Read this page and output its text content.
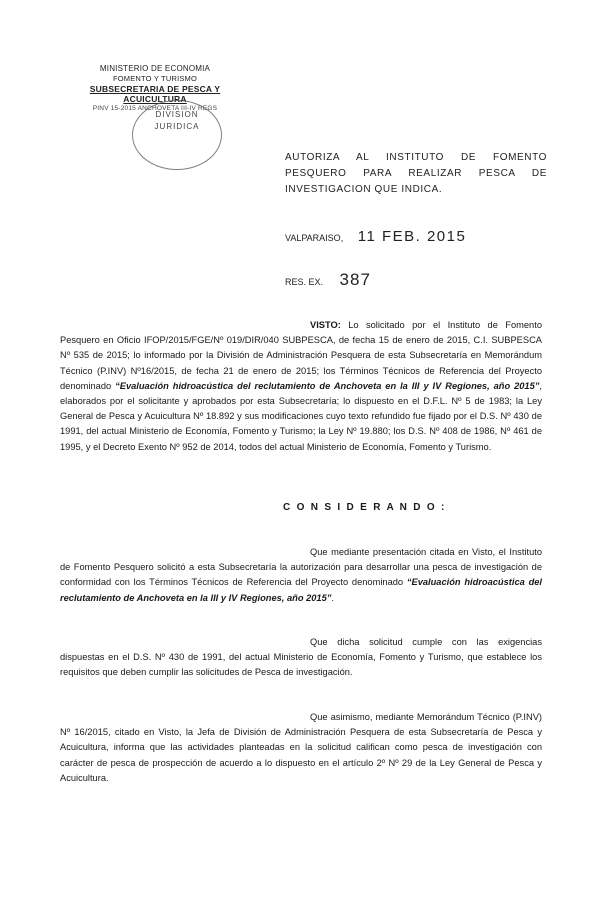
MINISTERIO DE ECONOMIA
FOMENTO Y TURISMO
SUBSECRETARIA DE PESCA Y ACUICULTURA
PINV 15-2015 ANCHOVETA III-IV REGS
DIVISION
JURIDICA
AUTORIZA AL INSTITUTO DE FOMENTO PESQUERO PARA REALIZAR PESCA DE INVESTIGACION QUE INDICA.
VALPARAISO, 11 FEB. 2015
RES. EX. 387

VISTO: Lo solicitado por el Instituto de Fomento Pesquero en Oficio IFOP/2015/FGE/Nº 019/DIR/040 SUBPESCA, de fecha 15 de enero de 2015, C.I. SUBPESCA Nº 535 de 2015; lo informado por la División de Administración Pesquera de esta Subsecretaría en Memorándum Técnico (P.INV) Nº16/2015, de fecha 21 de enero de 2015; los Términos Técnicos de Referencia del Proyecto denominado “Evaluación hidroacústica del reclutamiento de Anchoveta en la III y IV Regiones, año 2015”, elaborados por el solicitante y aprobados por esta Subsecretaría; lo dispuesto en el D.F.L. Nº 5 de 1983; la Ley General de Pesca y Acuicultura Nº 18.892 y sus modificaciones cuyo texto refundido fue fijado por el D.S. Nº 430 de 1991, del actual Ministerio de Economía, Fomento y Turismo; la Ley Nº 19.880; los D.S. Nº 408 de 1986, Nº 461 de 1995, y el Decreto Exento Nº 952 de 2014, todos del actual Ministerio de Economía, Fomento y Turismo.

C O N S I D E R A N D O :

Que mediante presentación citada en Visto, el Instituto de Fomento Pesquero solicitó a esta Subsecretaría la autorización para desarrollar una pesca de investigación de conformidad con los Términos Técnicos de Referencia del Proyecto denominado “Evaluación hidroacústica del reclutamiento de Anchoveta en la III y IV Regiones, año 2015”.

Que dicha solicitud cumple con las exigencias dispuestas en el D.S. Nº 430 de 1991, del actual Ministerio de Economía, Fomento y Turismo, que establece los requisitos que deben cumplir las solicitudes de Pesca de investigación.

Que asimismo, mediante Memorándum Técnico (P.INV) Nº 16/2015, citado en Visto, la Jefa de División de Administración Pesquera de esta Subsecretaría de Pesca y Acuicultura, informa que las actividades planteadas en la solicitud califican como pesca de investigación con carácter de pesca de prospección de acuerdo a lo dispuesto en el artículo 2º Nº 29 de la Ley General de Pesca y Acuicultura.
